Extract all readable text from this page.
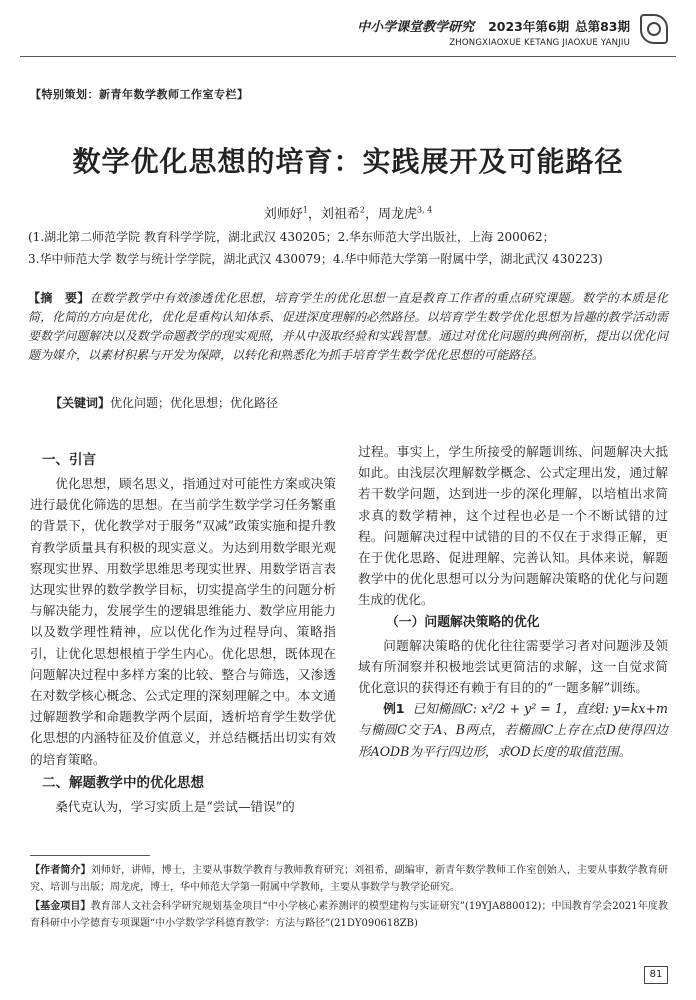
中小学课堂教学研究 2023年第6期 总第83期
ZHONGXIAOXUE KETANG JIAOXUE YANJIU
【特别策划：新青年数学教师工作室专栏】
数学优化思想的培育：实践展开及可能路径
刘师妤$^1$，刘祖希$^2$，周龙虎$^{3, 4}$
(1.湖北第二师范学院 教育科学学院，湖北武汉 430205；2.华东师范大学出版社，上海 200062；
3.华中师范大学 数学与统计学学院，湖北武汉 430079；4.华中师范大学第一附属中学，湖北武汉 430223)
【摘　要】在数学教学中有效渗透优化思想，培育学生的优化思想一直是教育工作者的重点研究课题。数学的本质是化简，化简的方向是优化，优化是重构认知体系、促进深度理解的必然路径。以培育学生数学优化思想为旨趣的教学活动需要数学问题解决以及数学命题教学的现实观照，并从中汲取经验和实践智慧。通过对优化问题的典例剖析，提出以优化问题为媒介，以素材积累与开发为保障，以转化和熟悉化为抓手培育学生数学优化思想的可能路径。
【关键词】优化问题；优化思想；优化路径
一、引言

优化思想，顾名思义，指通过对可能性方案或决策进行最优化筛选的思想。在当前学生数学学习任务繁重的背景下，优化教学对于服务“双减”政策实施和提升教育教学质量具有积极的现实意义。为达到用数学眼光观察现实世界、用数学思维思考现实世界、用数学语言表达现实世界的数学教学目标，切实提高学生的问题分析与解决能力，发展学生的逻辑思维能力、数学应用能力以及数学理性精神，应以优化作为过程导向、策略指引，让优化思想根植于学生内心。优化思想，既体现在问题解决过程中多样方案的比较、整合与筛选，又渗透在对数学核心概念、公式定理的深刻理解之中。本文通过解题教学和命题教学两个层面，透析培育学生数学优化思想的内涵特征及价值意义，并总结概括出切实有效的培育策略。

二、解题教学中的优化思想

桑代克认为，学习实质上是“尝试—错误”的

过程。事实上，学生所接受的解题训练、问题解决大抵如此。由浅层次理解数学概念、公式定理出发，通过解若干数学问题，达到进一步的深化理解，以培植出求简求真的数学精神，这个过程也必是一个不断试错的过程。问题解决过程中试错的目的不仅在于求得正解，更在于优化思路、促进理解、完善认知。具体来说，解题教学中的优化思想可以分为问题解决策略的优化与问题生成的优化。

（一）问题解决策略的优化

问题解决策略的优化往往需要学习者对问题涉及领域有所洞察并积极地尝试更简洁的求解，这一自觉求简优化意识的获得还有赖于有目的的“一题多解”训练。

例1 已知椭圆C: x²/2 + y² = 1，直线l: y=kx+m与椭圆C交于A、B两点，若椭圆C上存在点D使得四边形AODB为平行四边形，求OD长度的取值范围。

【作者简介】刘师妤，讲师，博士，主要从事数学教育与教师教育研究；刘祖希，副编审，新青年数学教师工作室创始人，主要从事数学教育研究、培训与出版；周龙虎，博士，华中师范大学第一附属中学教师，主要从事数学与教学论研究。

【基金项目】教育部人文社会科学研究规划基金项目“中小学核心素养测评的模型建构与实证研究”(19YJA880012)；中国教育学会2021年度教育科研中小学德育专项课题“中小学数学学科德育教学：方法与路径”(21DY090618ZB)

81
